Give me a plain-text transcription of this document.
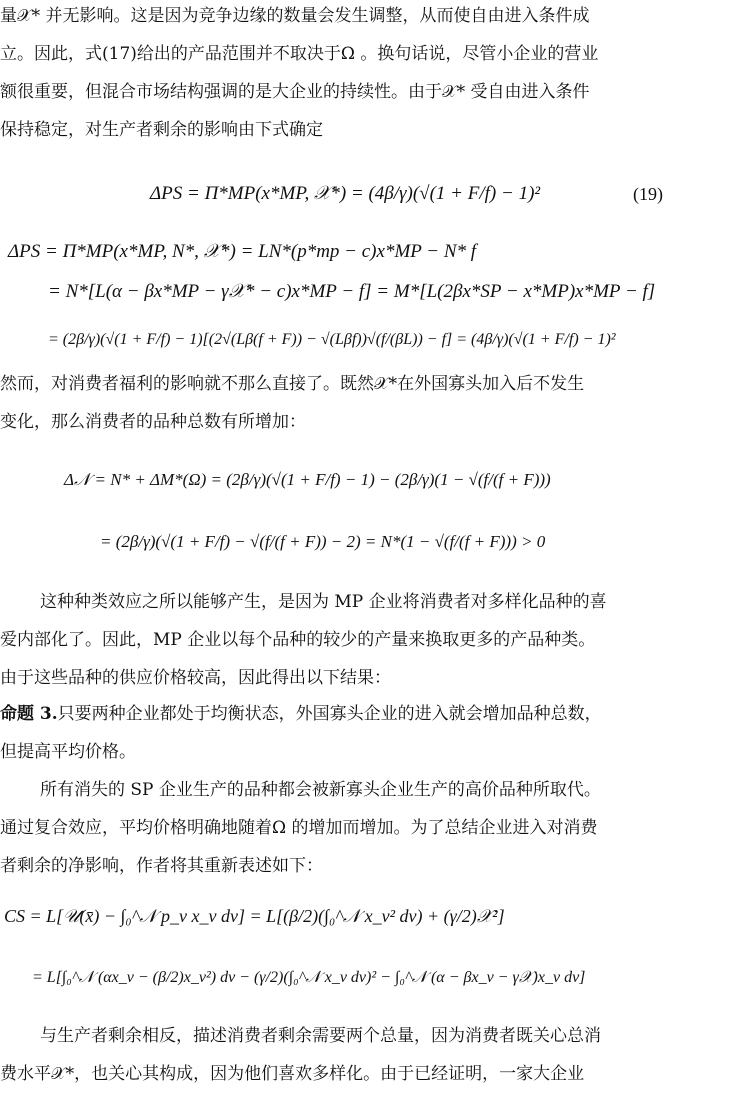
量𝒳* 并无影响。这是因为竞争边缘的数量会发生调整，从而使自由进入条件成
立。因此，式(17)给出的产品范围并不取决于Ω 。换句话说，尽管小企业的营业
额很重要，但混合市场结构强调的是大企业的持续性。由于𝒳* 受自由进入条件
保持稳定，对生产者剩余的影响由下式确定
ΔPS = Π*MP(x*MP, 𝒳*) = (4β/γ)(√(1 + F/f) − 1)²	(19)
ΔPS = Π*MP(x*MP, N*, 𝒳*) = LN*(p*mp − c)x*MP − N* f
= N*[L(α − βx*MP − γ𝒳* − c)x*MP − f] = M*[L(2βx*SP − x*MP)x*MP − f]
= (2β/γ)(√(1 + F/f) − 1)[(2√(Lβ(f + F)) − √(Lβf))√(f/(βL)) − f] = (4β/γ)(√(1 + F/f) − 1)²
然而，对消费者福利的影响就不那么直接了。既然𝒳*在外国寡头加入后不发生
变化，那么消费者的品种总数有所增加：
Δ𝒩 = N* + ΔM*(Ω) = (2β/γ)(√(1 + F/f) − 1) − (2β/γ)(1 − √(f/(f + F)))
= (2β/γ)(√(1 + F/f) − √(f/(f + F)) − 2) = N*(1 − √(f/(f + F))) > 0
这种种类效应之所以能够产生，是因为 MP 企业将消费者对多样化品种的喜
爱内部化了。因此，MP 企业以每个品种的较少的产量来换取更多的产品种类。
由于这些品种的供应价格较高，因此得出以下结果：
命题 3.只要两种企业都处于均衡状态，外国寡头企业的进入就会增加品种总数，
但提高平均价格。
所有消失的 SP 企业生产的品种都会被新寡头企业生产的高价品种所取代。
通过复合效应，平均价格明确地随着Ω 的增加而增加。为了总结企业进入对消费
者剩余的净影响，作者将其重新表述如下：
CS = L[𝒰(x̄) − ∫₀^𝒩 p_ν x_ν dν] = L[(β/2)(∫₀^𝒩 x_ν² dν) + (γ/2)𝒳²]
= L[∫₀^𝒩 (αx_ν − (β/2)x_ν²) dν − (γ/2)(∫₀^𝒩 x_ν dν)² − ∫₀^𝒩 (α − βx_ν − γ𝒳)x_ν dν]
与生产者剩余相反，描述消费者剩余需要两个总量，因为消费者既关心总消
费水平𝒳*，也关心其构成，因为他们喜欢多样化。由于已经证明，一家大企业
